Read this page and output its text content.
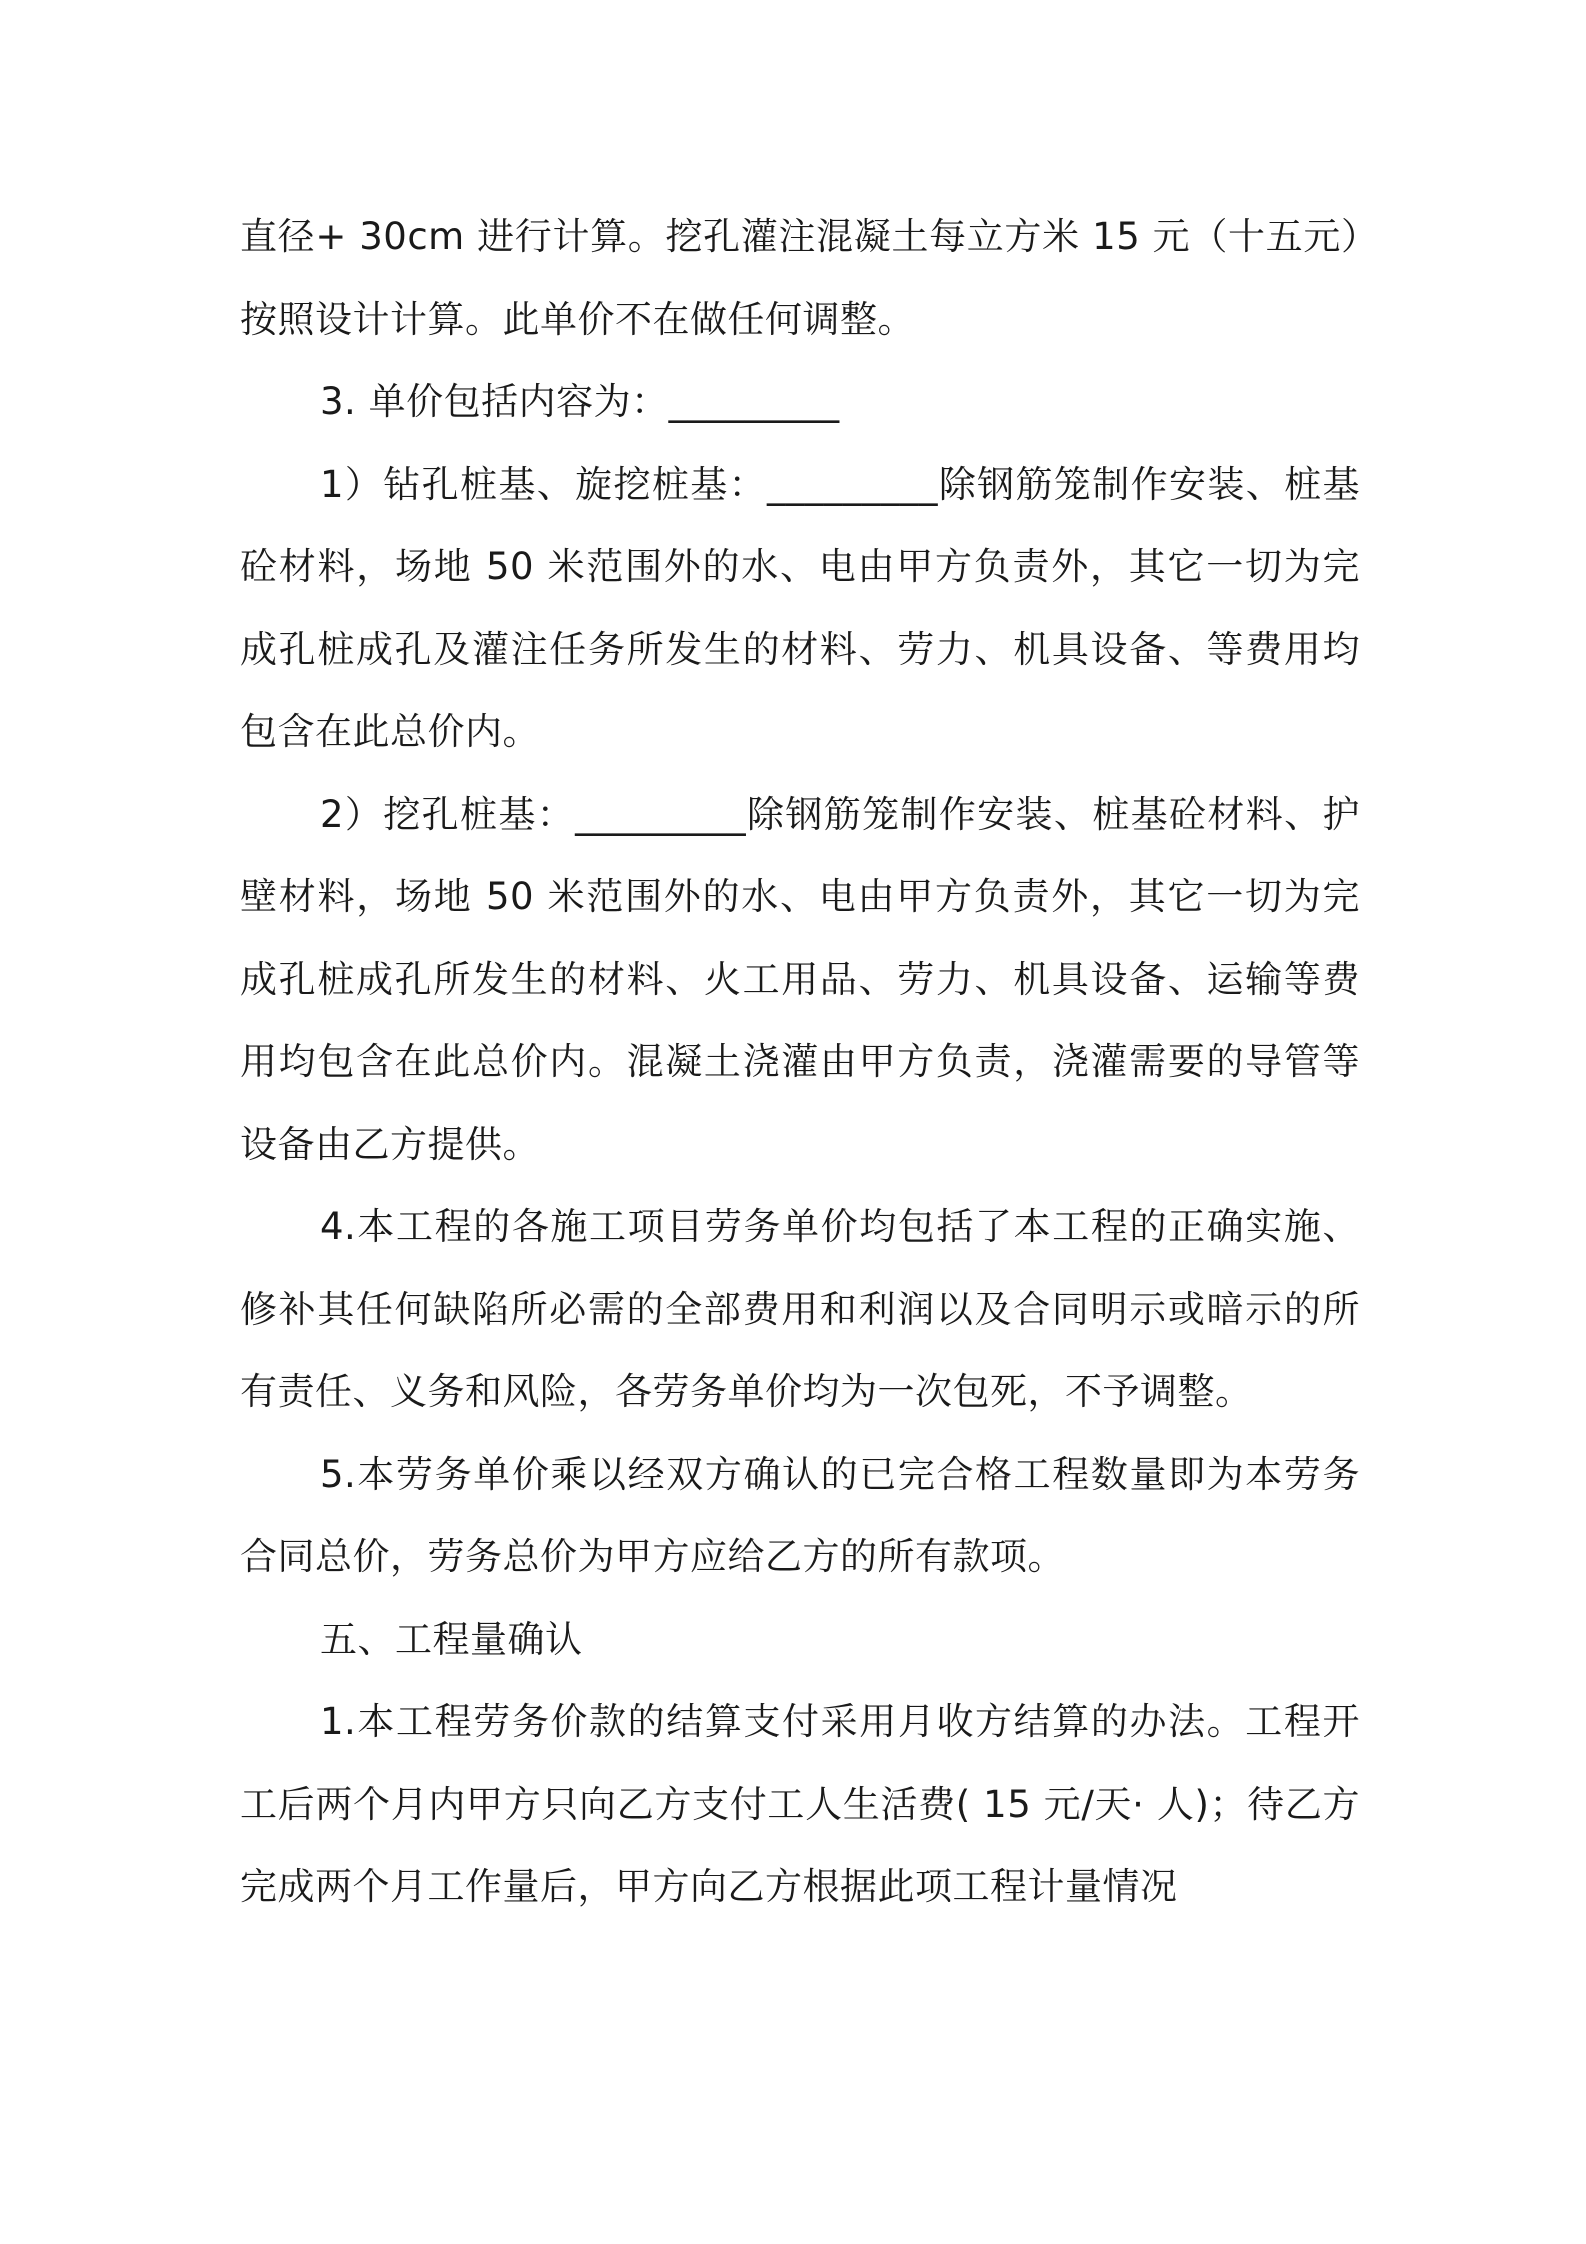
直径+ 30cm 进行计算。挖孔灌注混凝土每立方米 15 元（十五元）按照设计计算。此单价不在做任何调整。

3. 单价包括内容为：_________

1）钻孔桩基、旋挖桩基：_________除钢筋笼制作安装、桩基砼材料，场地 50 米范围外的水、电由甲方负责外，其它一切为完成孔桩成孔及灌注任务所发生的材料、劳力、机具设备、等费用均包含在此总价内。

2）挖孔桩基：_________除钢筋笼制作安装、桩基砼材料、护壁材料，场地 50 米范围外的水、电由甲方负责外，其它一切为完成孔桩成孔所发生的材料、火工用品、劳力、机具设备、运输等费用均包含在此总价内。混凝土浇灌由甲方负责，浇灌需要的导管等设备由乙方提供。

4.本工程的各施工项目劳务单价均包括了本工程的正确实施、修补其任何缺陷所必需的全部费用和利润以及合同明示或暗示的所有责任、义务和风险，各劳务单价均为一次包死，不予调整。

5.本劳务单价乘以经双方确认的已完合格工程数量即为本劳务合同总价，劳务总价为甲方应给乙方的所有款项。

五、工程量确认

1.本工程劳务价款的结算支付采用月收方结算的办法。工程开工后两个月内甲方只向乙方支付工人生活费( 15 元/天· 人)；待乙方完成两个月工作量后，甲方向乙方根据此项工程计量情况
